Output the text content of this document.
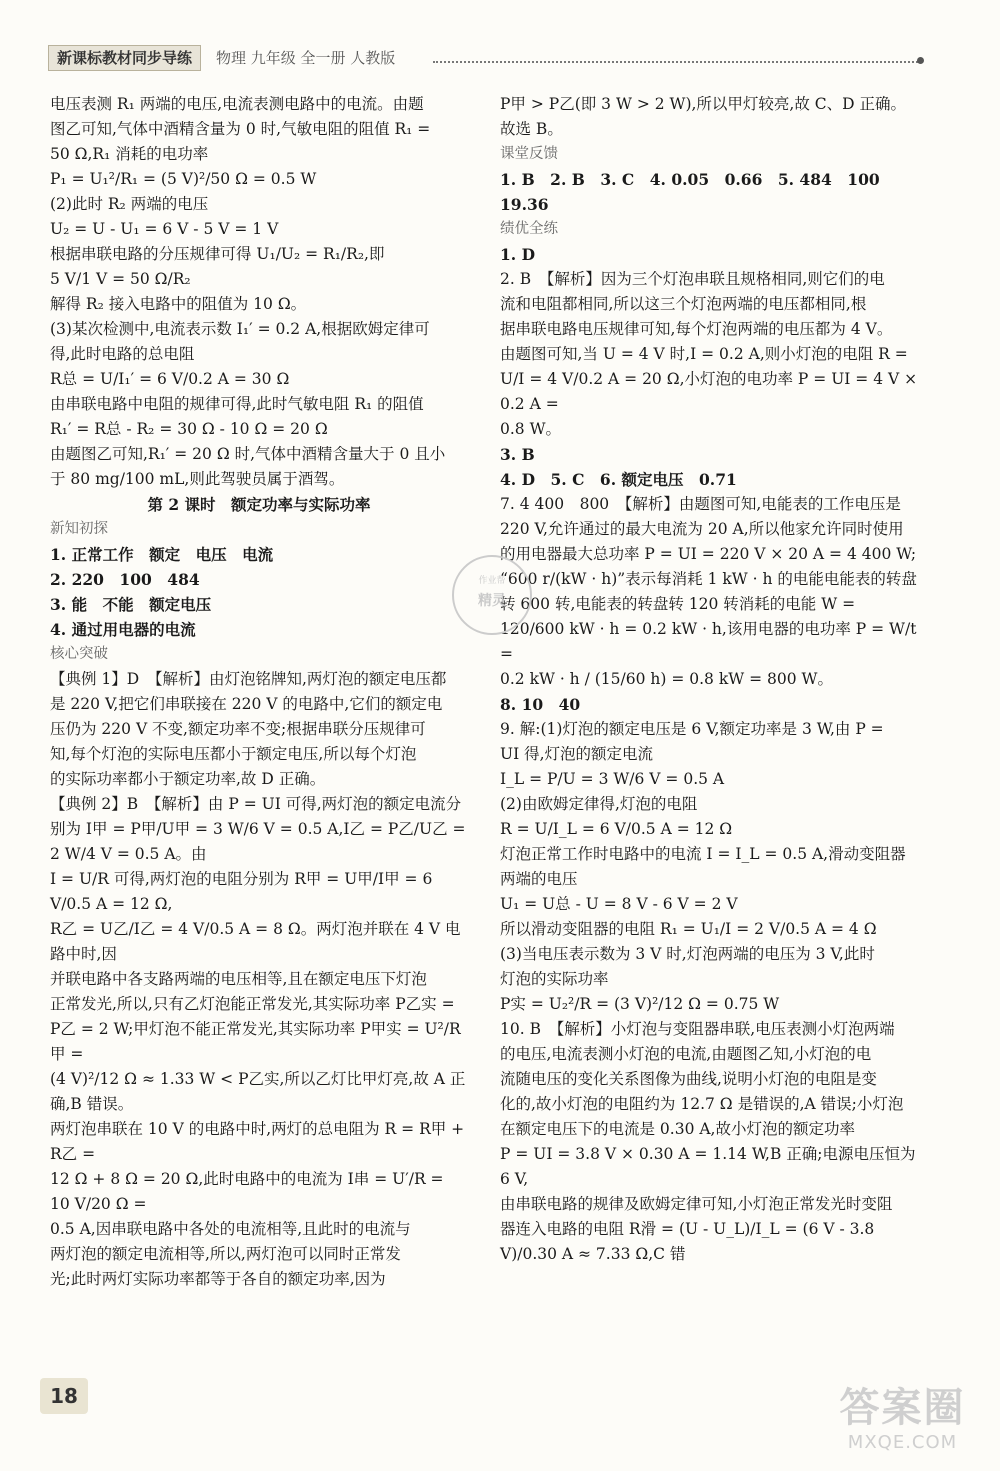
新课标教材同步导练	物理 九年级 全一册 人教版

电压表测 R₁ 两端的电压,电流表测电路中的电流。由题

图乙可知,气体中酒精含量为 0 时,气敏电阻的阻值 R₁ =

50 Ω,R₁ 消耗的电功率

P₁ = U₁²/R₁ = (5 V)²/50 Ω = 0.5 W

(2)此时 R₂ 两端的电压

U₂ = U - U₁ = 6 V - 5 V = 1 V

根据串联电路的分压规律可得 U₁/U₂ = R₁/R₂,即

5 V/1 V = 50 Ω/R₂

解得 R₂ 接入电路中的阻值为 10 Ω。

(3)某次检测中,电流表示数 I₁′ = 0.2 A,根据欧姆定律可

得,此时电路的总电阻

R总 = U/I₁′ = 6 V/0.2 A = 30 Ω

由串联电路中电阻的规律可得,此时气敏电阻 R₁ 的阻值

R₁′ = R总 - R₂ = 30 Ω - 10 Ω = 20 Ω

由题图乙可知,R₁′ = 20 Ω 时,气体中酒精含量大于 0 且小

于 80 mg/100 mL,则此驾驶员属于酒驾。

第 2 课时　额定功率与实际功率

新知初探

1. 正常工作　额定　电压　电流

2. 220　100　484

3. 能　不能　额定电压

4. 通过用电器的电流

核心突破

【典例 1】D　【解析】由灯泡铭牌知,两灯泡的额定电压都

是 220 V,把它们串联接在 220 V 的电路中,它们的额定电

压仍为 220 V 不变,额定功率不变;根据串联分压规律可

知,每个灯泡的实际电压都小于额定电压,所以每个灯泡

的实际功率都小于额定功率,故 D 正确。

【典例 2】B　【解析】由 P = UI 可得,两灯泡的额定电流分

别为 I甲 = P甲/U甲 = 3 W/6 V = 0.5 A,I乙 = P乙/U乙 = 2 W/4 V = 0.5 A。由

I = U/R 可得,两灯泡的电阻分别为 R甲 = U甲/I甲 = 6 V/0.5 A = 12 Ω,

R乙 = U乙/I乙 = 4 V/0.5 A = 8 Ω。两灯泡并联在 4 V 电路中时,因

并联电路中各支路两端的电压相等,且在额定电压下灯泡

正常发光,所以,只有乙灯泡能正常发光,其实际功率 P乙实 =

P乙 = 2 W;甲灯泡不能正常发光,其实际功率 P甲实 = U²/R甲 =

(4 V)²/12 Ω ≈ 1.33 W < P乙实,所以乙灯比甲灯亮,故 A 正确,B 错误。

两灯泡串联在 10 V 的电路中时,两灯的总电阻为 R = R甲 + R乙 =

12 Ω + 8 Ω = 20 Ω,此时电路中的电流为 I串 = U′/R = 10 V/20 Ω =

0.5 A,因串联电路中各处的电流相等,且此时的电流与

两灯泡的额定电流相等,所以,两灯泡可以同时正常发

光;此时两灯实际功率都等于各自的额定功率,因为

P甲 > P乙(即 3 W > 2 W),所以甲灯较亮,故 C、D 正确。

故选 B。

课堂反馈

1. B　2. B　3. C　4. 0.05　0.66　5. 484　100　19.36

绩优全练

1. D

2. B　【解析】因为三个灯泡串联且规格相同,则它们的电

流和电阻都相同,所以这三个灯泡两端的电压都相同,根

据串联电路电压规律可知,每个灯泡两端的电压都为 4 V。

由题图可知,当 U = 4 V 时,I = 0.2 A,则小灯泡的电阻 R =

U/I = 4 V/0.2 A = 20 Ω,小灯泡的电功率 P = UI = 4 V × 0.2 A =

0.8 W。

3. B

4. D　5. C　6. 额定电压　0.71

7. 4 400　800　【解析】由题图可知,电能表的工作电压是

220 V,允许通过的最大电流为 20 A,所以他家允许同时使用

的用电器最大总功率 P = UI = 220 V × 20 A = 4 400 W;

“600 r/(kW · h)”表示每消耗 1 kW · h 的电能电能表的转盘

转 600 转,电能表的转盘转 120 转消耗的电能 W =

120/600 kW · h = 0.2 kW · h,该用电器的电功率 P = W/t =

0.2 kW · h / (15/60 h) = 0.8 kW = 800 W。

8. 10　40

9. 解:(1)灯泡的额定电压是 6 V,额定功率是 3 W,由 P =

UI 得,灯泡的额定电流

I_L = P/U = 3 W/6 V = 0.5 A

(2)由欧姆定律得,灯泡的电阻

R = U/I_L = 6 V/0.5 A = 12 Ω

灯泡正常工作时电路中的电流 I = I_L = 0.5 A,滑动变阻器

两端的电压

U₁ = U总 - U = 8 V - 6 V = 2 V

所以滑动变阻器的电阻 R₁ = U₁/I = 2 V/0.5 A = 4 Ω

(3)当电压表示数为 3 V 时,灯泡两端的电压为 3 V,此时

灯泡的实际功率

P实 = U₂²/R = (3 V)²/12 Ω = 0.75 W

10. B　【解析】小灯泡与变阻器串联,电压表测小灯泡两端

的电压,电流表测小灯泡的电流,由题图乙知,小灯泡的电

流随电压的变化关系图像为曲线,说明小灯泡的电阻是变

化的,故小灯泡的电阻约为 12.7 Ω 是错误的,A 错误;小灯泡

在额定电压下的电流是 0.30 A,故小灯泡的额定功率

P = UI = 3.8 V × 0.30 A = 1.14 W,B 正确;电源电压恒为 6 V,

由串联电路的规律及欧姆定律可知,小灯泡正常发光时变阻

器连入电路的电阻 R滑 = (U - U_L)/I_L = (6 V - 3.8 V)/0.30 A ≈ 7.33 Ω,C 错

作业帮
精灵
18	答案圈
MXQE.COM
